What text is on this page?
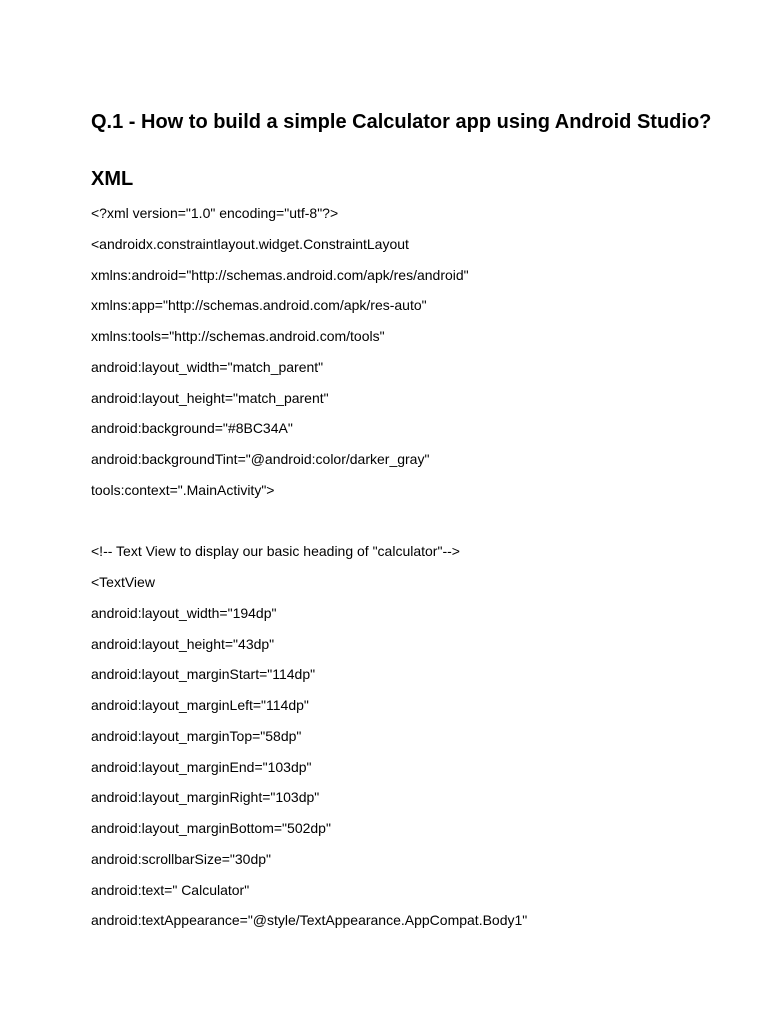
Q.1 - How to build a simple Calculator app using Android Studio?
XML
<?xml version="1.0" encoding="utf-8"?>
<androidx.constraintlayout.widget.ConstraintLayout
xmlns:android="http://schemas.android.com/apk/res/android"
xmlns:app="http://schemas.android.com/apk/res-auto"
xmlns:tools="http://schemas.android.com/tools"
android:layout_width="match_parent"
android:layout_height="match_parent"
android:background="#8BC34A"
android:backgroundTint="@android:color/darker_gray"
tools:context=".MainActivity">
<!-- Text View to display our basic heading of "calculator"-->
<TextView
android:layout_width="194dp"
android:layout_height="43dp"
android:layout_marginStart="114dp"
android:layout_marginLeft="114dp"
android:layout_marginTop="58dp"
android:layout_marginEnd="103dp"
android:layout_marginRight="103dp"
android:layout_marginBottom="502dp"
android:scrollbarSize="30dp"
android:text=" Calculator"
android:textAppearance="@style/TextAppearance.AppCompat.Body1"
